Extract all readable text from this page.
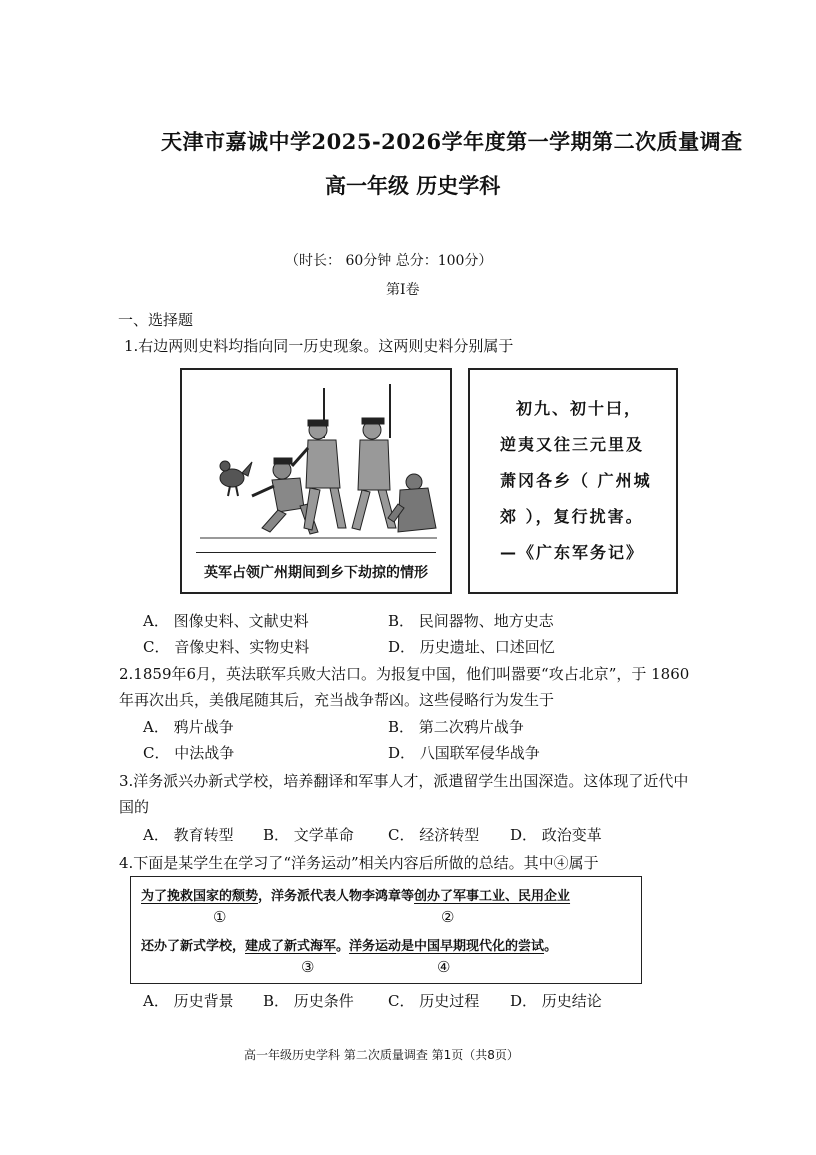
天津市嘉诚中学2025-2026学年度第一学期第二次质量调查
高一年级 历史学科
（时长： 60分钟 总分：100分）
第Ⅰ卷
一、选择题
1.右边两则史料均指向同一历史现象。这两则史料分别属于
英军占领广州期间到乡下劫掠的情形
初九、初十曰，
逆夷又往三元里及
萧冈各乡（ 广州城
郊 ），复行扰害。
—《广东军务记》
A． 图像史料、文献史料	B． 民间器物、地方史志
C． 音像史料、实物史料	D． 历史遗址、口述回忆
2.1859年6月，英法联军兵败大沽口。为报复中国，他们叫嚣要“攻占北京”，于 1860
年再次出兵，美俄尾随其后，充当战争帮凶。这些侵略行为发生于
A． 鸦片战争	B． 第二次鸦片战争
C． 中法战争	D． 八国联军侵华战争
3.洋务派兴办新式学校，培养翻译和军事人才，派遣留学生出国深造。这体现了近代中
国的
A． 教育转型 B． 文学革命 C． 经济转型 D． 政治变革
4.下面是某学生在学习了“洋务运动”相关内容后所做的总结。其中④属于
为了挽救国家的颓势，洋务派代表人物李鸿章等创办了军事工业、民用企业
①	②
还办了新式学校，建成了新式海军。洋务运动是中国早期现代化的尝试。
③	④
A． 历史背景 B． 历史条件 C． 历史过程 D． 历史结论
高一年级历史学科 第二次质量调查 第1页（共8页）
